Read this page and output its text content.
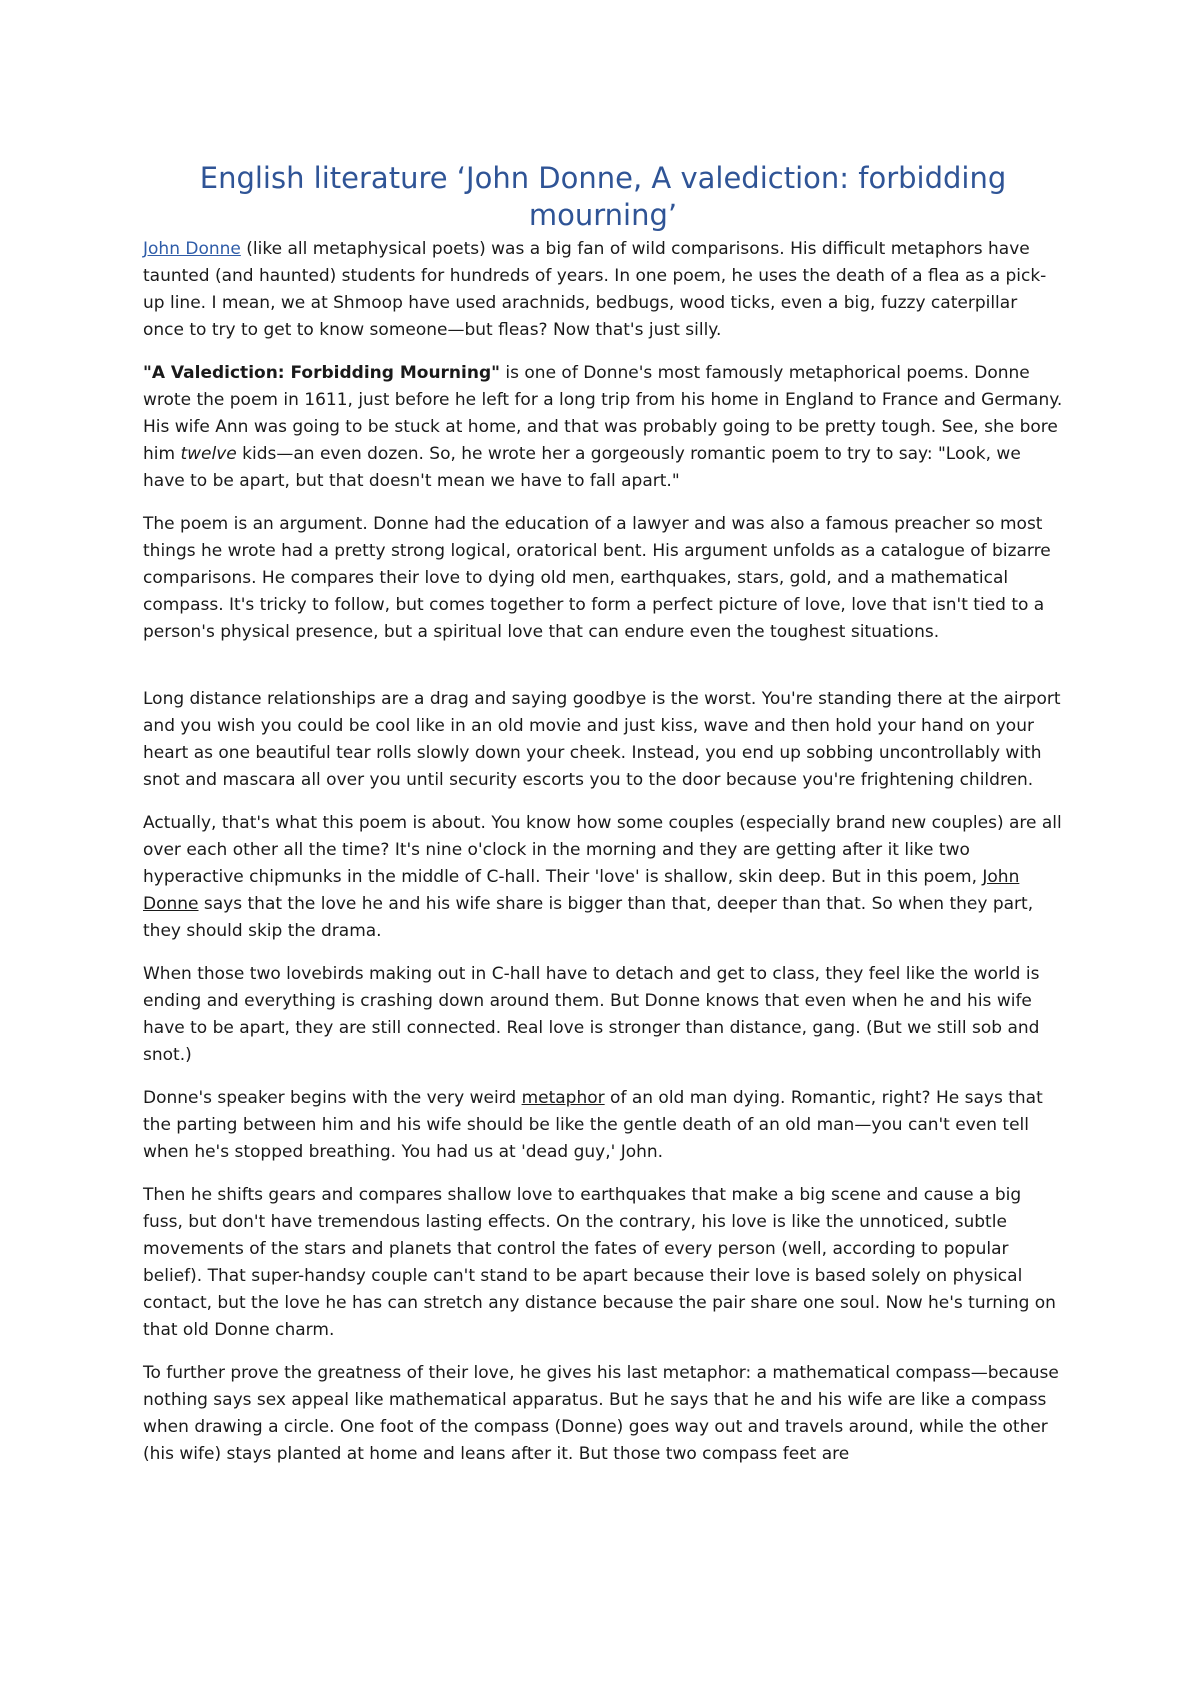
English literature ‘John Donne, A valediction: forbidding mourning’

John Donne (like all metaphysical poets) was a big fan of wild comparisons. His difficult metaphors have taunted (and haunted) students for hundreds of years. In one poem, he uses the death of a flea as a pick-up line. I mean, we at Shmoop have used arachnids, bedbugs, wood ticks, even a big, fuzzy caterpillar once to try to get to know someone—but fleas? Now that's just silly.

"A Valediction: Forbidding Mourning" is one of Donne's most famously metaphorical poems. Donne wrote the poem in 1611, just before he left for a long trip from his home in England to France and Germany. His wife Ann was going to be stuck at home, and that was probably going to be pretty tough. See, she bore him twelve kids—an even dozen. So, he wrote her a gorgeously romantic poem to try to say: "Look, we have to be apart, but that doesn't mean we have to fall apart."

The poem is an argument. Donne had the education of a lawyer and was also a famous preacher so most things he wrote had a pretty strong logical, oratorical bent. His argument unfolds as a catalogue of bizarre comparisons. He compares their love to dying old men, earthquakes, stars, gold, and a mathematical compass. It's tricky to follow, but comes together to form a perfect picture of love, love that isn't tied to a person's physical presence, but a spiritual love that can endure even the toughest situations.

Long distance relationships are a drag and saying goodbye is the worst. You're standing there at the airport and you wish you could be cool like in an old movie and just kiss, wave and then hold your hand on your heart as one beautiful tear rolls slowly down your cheek. Instead, you end up sobbing uncontrollably with snot and mascara all over you until security escorts you to the door because you're frightening children.

Actually, that's what this poem is about. You know how some couples (especially brand new couples) are all over each other all the time? It's nine o'clock in the morning and they are getting after it like two hyperactive chipmunks in the middle of C-hall. Their 'love' is shallow, skin deep. But in this poem, John Donne says that the love he and his wife share is bigger than that, deeper than that. So when they part, they should skip the drama.

When those two lovebirds making out in C-hall have to detach and get to class, they feel like the world is ending and everything is crashing down around them. But Donne knows that even when he and his wife have to be apart, they are still connected. Real love is stronger than distance, gang. (But we still sob and snot.)

Donne's speaker begins with the very weird metaphor of an old man dying. Romantic, right? He says that the parting between him and his wife should be like the gentle death of an old man—you can't even tell when he's stopped breathing. You had us at 'dead guy,' John.

Then he shifts gears and compares shallow love to earthquakes that make a big scene and cause a big fuss, but don't have tremendous lasting effects. On the contrary, his love is like the unnoticed, subtle movements of the stars and planets that control the fates of every person (well, according to popular belief). That super-handsy couple can't stand to be apart because their love is based solely on physical contact, but the love he has can stretch any distance because the pair share one soul. Now he's turning on that old Donne charm.

To further prove the greatness of their love, he gives his last metaphor: a mathematical compass—because nothing says sex appeal like mathematical apparatus. But he says that he and his wife are like a compass when drawing a circle. One foot of the compass (Donne) goes way out and travels around, while the other (his wife) stays planted at home and leans after it. But those two compass feet are
